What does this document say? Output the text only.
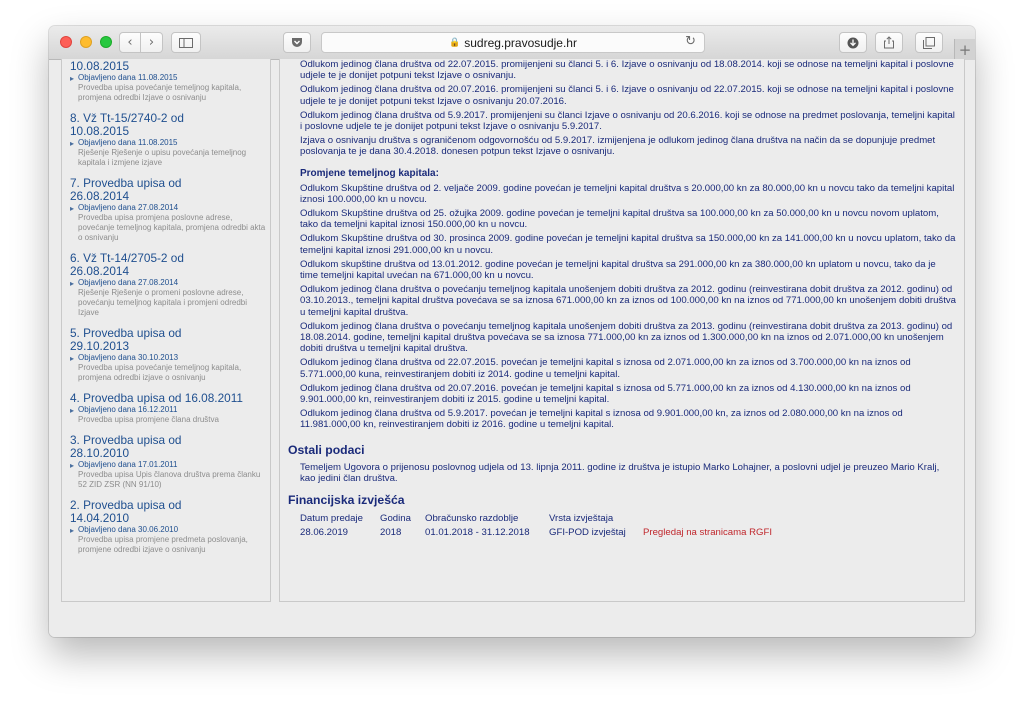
‹ ›	🔒 sudreg.pravosudje.hr	↻	+
10.08.2015
▸ Objavljeno dana 11.08.2015
Provedba upisa povećanje temeljnog kapitala, promjena odredbi Izjave o osnivanju
8. Vž Tt-15/2740-2 od
10.08.2015
▸ Objavljeno dana 11.08.2015
Rješenje Rješenje o upisu povećanja temeljnog kapitala i izmjene izjave
7. Provedba upisa od
26.08.2014
▸ Objavljeno dana 27.08.2014
Provedba upisa promjena poslovne adrese, povećanje temeljnog kapitala, promjena odredbi akta o osnivanju
6. Vž Tt-14/2705-2 od
26.08.2014
▸ Objavljeno dana 27.08.2014
Rješenje Rješenje o promeni poslovne adrese, povećanju temeljnog kapitala i promjeni odredbi Izjave
5. Provedba upisa od
29.10.2013
▸ Objavljeno dana 30.10.2013
Provedba upisa povećanje temeljnog kapitala, promjena odredbi izjave o osnivanju
4. Provedba upisa od 16.08.2011
▸ Objavljeno dana 16.12.2011
Provedba upisa promjene člana društva
3. Provedba upisa od
28.10.2010
▸ Objavljeno dana 17.01.2011
Provedba upisa Upis članova društva prema članku 52 ZID ZSR (NN 91/10)
2. Provedba upisa od
14.04.2010
▸ Objavljeno dana 30.06.2010
Provedba upisa promjene predmeta poslovanja, promjene odredbi izjave o osnivanju
Odlukom jedinog člana društva od 22.07.2015. promijenjeni su članci 5. i 6. Izjave o osnivanju od 18.08.2014. koji se odnose na temeljni kapital i poslovne udjele te je donijet potpuni tekst Izjave o osnivanju.
Odlukom jedinog člana društva od 20.07.2016. promijenjeni su članci 5. i 6. Izjave o osnivanju od 22.07.2015. koji se odnose na temeljni kapital i poslovne udjele te je donijet potpuni tekst Izjave o osnivanju 20.07.2016.
Odlukom jedinog člana društva od 5.9.2017. promijenjeni su članci Izjave o osnivanju od 20.6.2016. koji se odnose na predmet poslovanja, temeljni kapital i poslovne udjele te je donijet potpuni tekst Izjave o osnivanju 5.9.2017.
Izjava o osnivanju društva s ograničenom odgovornošću od 5.9.2017. izmijenjena je odlukom jedinog člana društva na način da se dopunjuje predmet poslovanja te je dana 30.4.2018. donesen potpun tekst Izjave o osnivanju.
Promjene temeljnog kapitala:
Odlukom Skupštine društva od 2. veljače 2009. godine povećan je temeljni kapital društva s 20.000,00 kn za 80.000,00 kn u novcu tako da temeljni kapital iznosi 100.000,00 kn u novcu.
Odlukom Skupštine društva od 25. ožujka 2009. godine povećan je temeljni kapital društva sa 100.000,00 kn za 50.000,00 kn u novcu novom uplatom, tako da temeljni kapital iznosi 150.000,00 kn u novcu.
Odlukom Skupštine društva od 30. prosinca 2009. godine povećan je temeljni kapital društva sa 150.000,00 kn za 141.000,00 kn u novcu uplatom, tako da temeljni kapital iznosi 291.000,00 kn u novcu.
Odlukom skupštine društva od 13.01.2012. godine povećan je temeljni kapital društva sa 291.000,00 kn za 380.000,00 kn uplatom u novcu, tako da je time temeljni kapital uvećan na 671.000,00 kn u novcu.
Odlukom jedinog člana društva o povećanju temeljnog kapitala unošenjem dobiti društva za 2012. godinu (reinvestirana dobit društva za 2012. godinu) od 03.10.2013., temeljni kapital društva povećava se sa iznosa 671.000,00 kn za iznos od 100.000,00 kn na iznos od 771.000,00 kn unošenjem dobiti društva u temeljni kapital društva.
Odlukom jedinog člana društva o povećanju temeljnog kapitala unošenjem dobiti društva za 2013. godinu (reinvestirana dobit društva za 2013. godinu) od 18.08.2014. godine, temeljni kapital društva povećava se sa iznosa 771.000,00 kn za iznos od 1.300.000,00 kn na iznos od 2.071.000,00 kn unošenjem dobiti društva u temeljni kapital društva.
Odlukom jedinog člana društva od 22.07.2015. povećan je temeljni kapital s iznosa od 2.071.000,00 kn za iznos od 3.700.000,00 kn na iznos od 5.771.000,00 kuna, reinvestiranjem dobiti iz 2014. godine u temeljni kapital.
Odlukom jedinog člana društva od 20.07.2016. povećan je temeljni kapital s iznosa od 5.771.000,00 kn za iznos od 4.130.000,00 kn na iznos od 9.901.000,00 kn, reinvestiranjem dobiti iz 2015. godine u temeljni kapital.
Odlukom jedinog člana društva od 5.9.2017. povećan je temeljni kapital s iznosa od 9.901.000,00 kn, za iznos od 2.080.000,00 kn na iznos od 11.981.000,00 kn, reinvestiranjem dobiti iz 2016. godine u temeljni kapital.
Ostali podaci
Temeljem Ugovora o prijenosu poslovnog udjela od 13. lipnja 2011. godine iz društva je istupio Marko Lohajner, a poslovni udjel je preuzeo Mario Kralj, kao jedini član društva.
Financijska izvješća
Datum predaje	Godina	Obračunsko razdoblje	Vrsta izvještaja
28.06.2019	2018	01.01.2018 - 31.12.2018	GFI-POD izvještaj	Pregledaj na stranicama RGFI
